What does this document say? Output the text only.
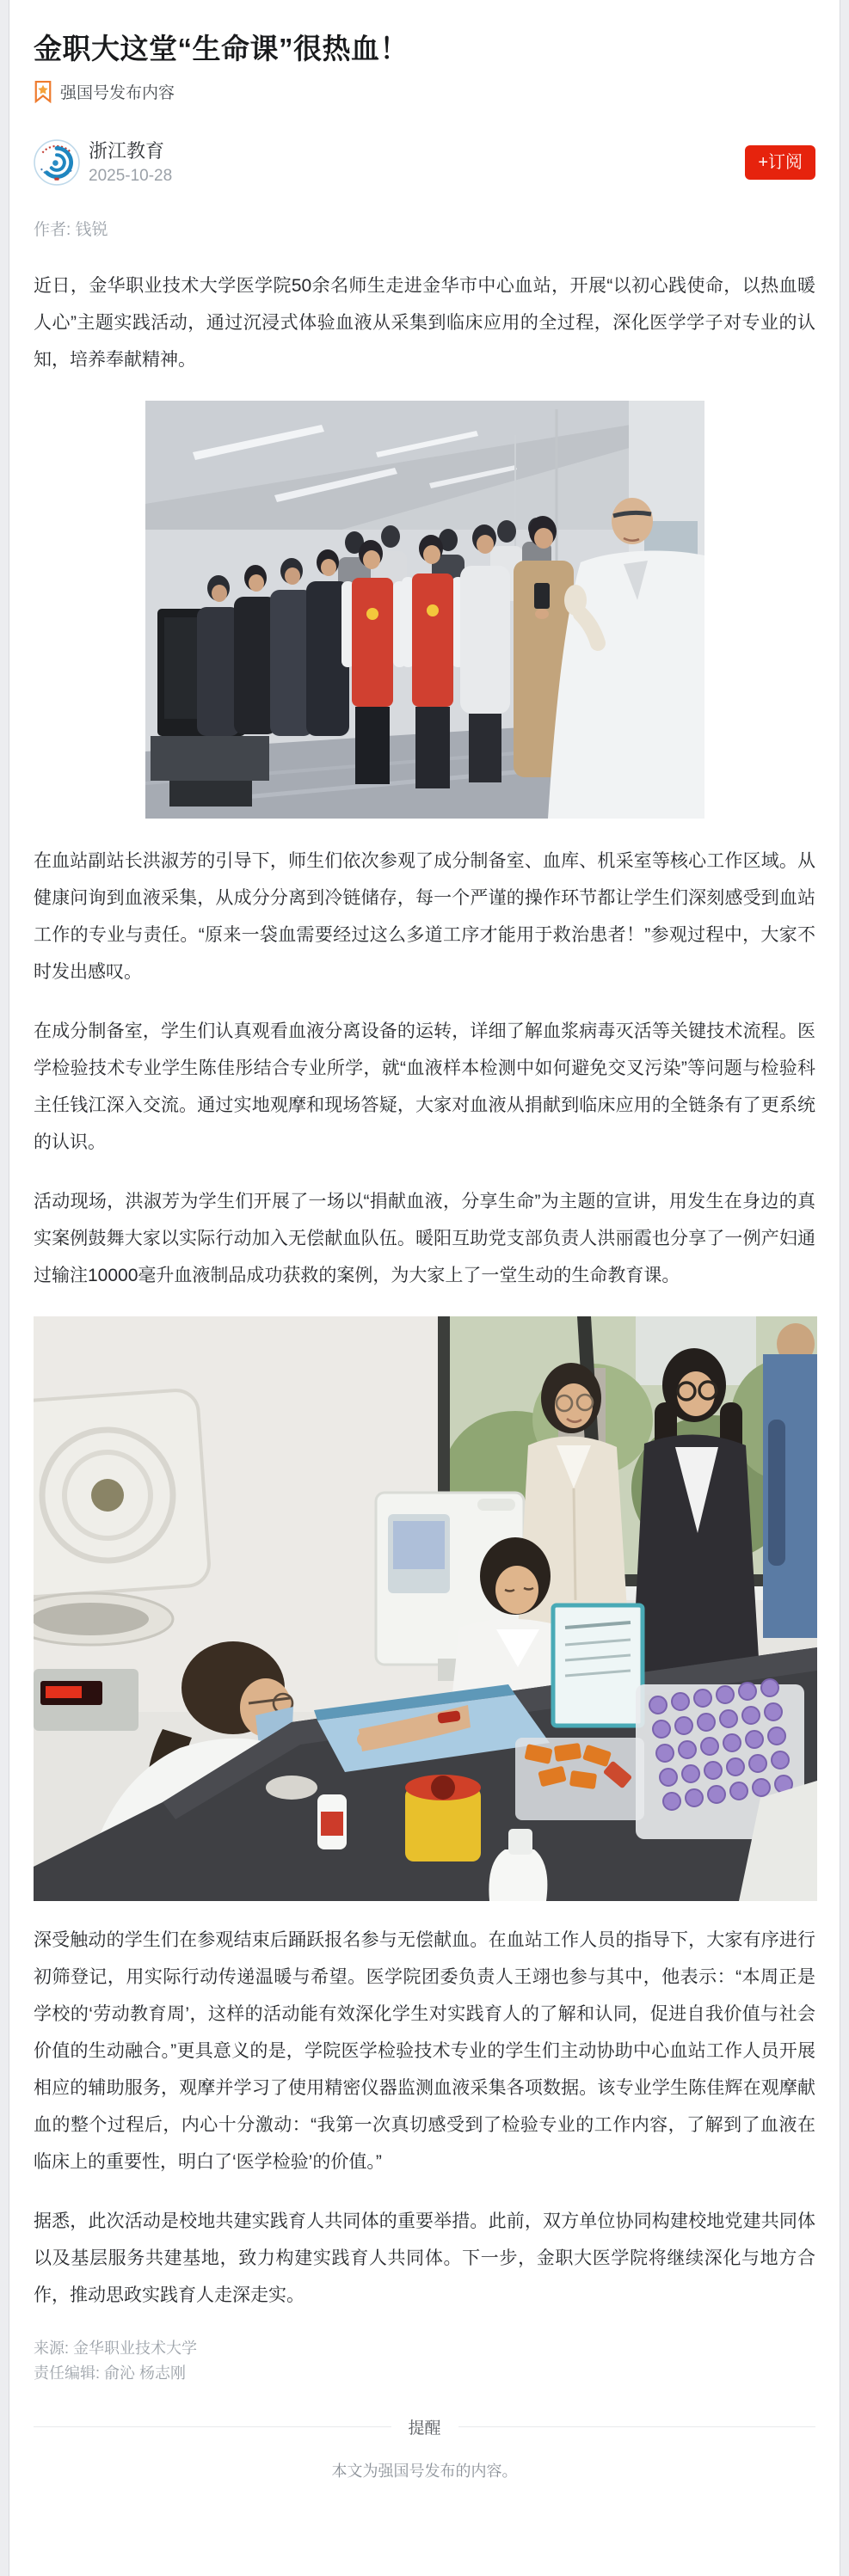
金职大这堂“生命课”很热血！
强国号发布内容
浙江教育
2025-10-28
+订阅
作者: 钱锐

近日，金华职业技术大学医学院50余名师生走进金华市中心血站，开展“以初心践使命，以热血暖人心”主题实践活动，通过沉浸式体验血液从采集到临床应用的全过程，深化医学学子对专业的认知，培养奉献精神。

在血站副站长洪淑芳的引导下，师生们依次参观了成分制备室、血库、机采室等核心工作区域。从健康问询到血液采集，从成分分离到冷链储存，每一个严谨的操作环节都让学生们深刻感受到血站工作的专业与责任。“原来一袋血需要经过这么多道工序才能用于救治患者！”参观过程中，大家不时发出感叹。

在成分制备室，学生们认真观看血液分离设备的运转，详细了解血浆病毒灭活等关键技术流程。医学检验技术专业学生陈佳彤结合专业所学，就“血液样本检测中如何避免交叉污染”等问题与检验科主任钱江深入交流。通过实地观摩和现场答疑，大家对血液从捐献到临床应用的全链条有了更系统的认识。

活动现场，洪淑芳为学生们开展了一场以“捐献血液，分享生命”为主题的宣讲，用发生在身边的真实案例鼓舞大家以实际行动加入无偿献血队伍。暖阳互助党支部负责人洪丽霞也分享了一例产妇通过输注10000毫升血液制品成功获救的案例，为大家上了一堂生动的生命教育课。

深受触动的学生们在参观结束后踊跃报名参与无偿献血。在血站工作人员的指导下，大家有序进行初筛登记，用实际行动传递温暖与希望。医学院团委负责人王翊也参与其中，他表示：“本周正是学校的‘劳动教育周’，这样的活动能有效深化学生对实践育人的了解和认同，促进自我价值与社会价值的生动融合。”更具意义的是，学院医学检验技术专业的学生们主动协助中心血站工作人员开展相应的辅助服务，观摩并学习了使用精密仪器监测血液采集各项数据。该专业学生陈佳辉在观摩献血的整个过程后，内心十分激动：“我第一次真切感受到了检验专业的工作内容，了解到了血液在临床上的重要性，明白了‘医学检验’的价值。”

据悉，此次活动是校地共建实践育人共同体的重要举措。此前，双方单位协同构建校地党建共同体以及基层服务共建基地，致力构建实践育人共同体。下一步，金职大医学院将继续深化与地方合作，推动思政实践育人走深走实。

来源: 金华职业技术大学
责任编辑: 俞沁 杨志刚
提醒
本文为强国号发布的内容。
